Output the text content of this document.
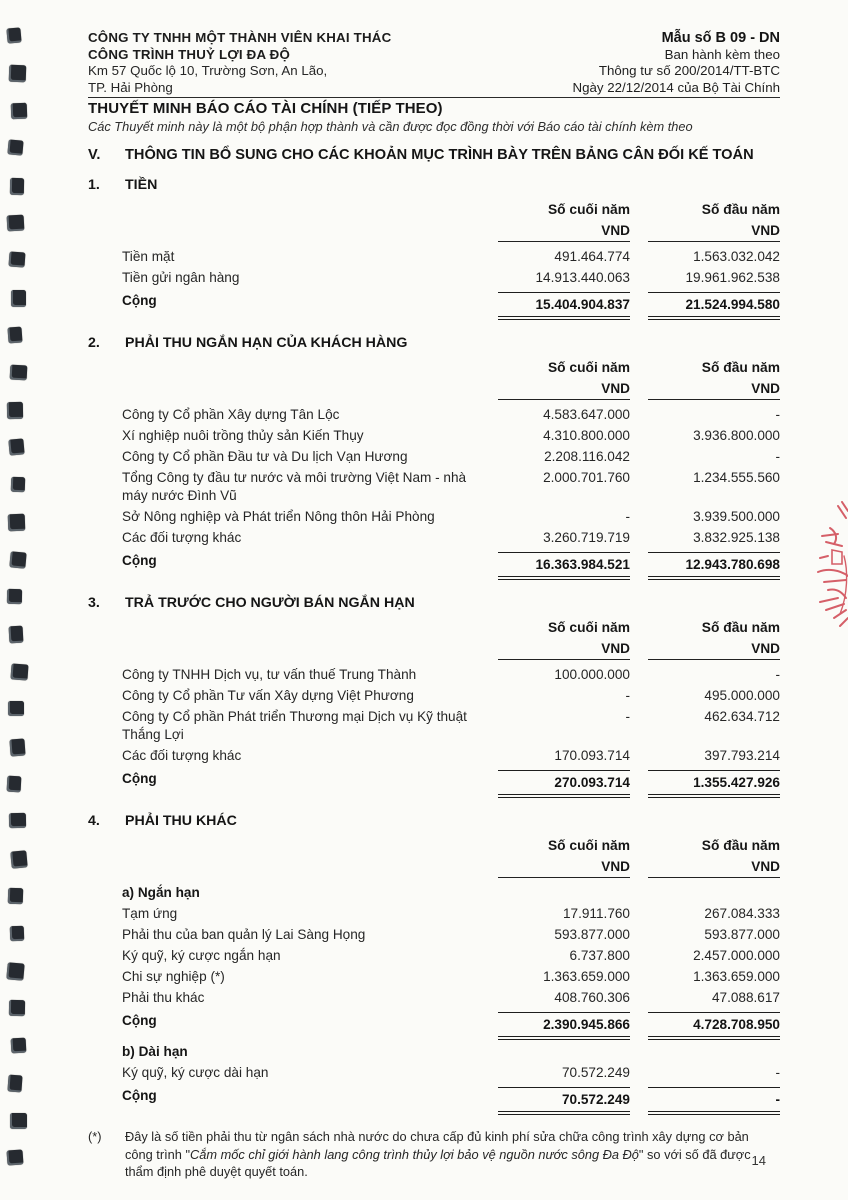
CÔNG TY TNHH MỘT THÀNH VIÊN KHAI THÁC
CÔNG TRÌNH THUỶ LỢI ĐA ĐỘ
Km 57 Quốc lộ 10, Trường Sơn, An Lão,
TP. Hải Phòng
Mẫu số B 09 - DN
Ban hành kèm theo
Thông tư số 200/2014/TT-BTC
Ngày 22/12/2014 của Bộ Tài Chính
THUYẾT MINH BÁO CÁO TÀI CHÍNH (TIẾP THEO)
Các Thuyết minh này là một bộ phận hợp thành và cần được đọc đồng thời với Báo cáo tài chính kèm theo
V.	THÔNG TIN BỔ SUNG CHO CÁC KHOẢN MỤC TRÌNH BÀY TRÊN BẢNG CÂN ĐỐI KẾ TOÁN
1.	TIỀN
Số cuối năm	Số đầu năm
VND	VND
Tiền mặt	491.464.774	1.563.032.042
Tiền gửi ngân hàng	14.913.440.063	19.961.962.538
Cộng	15.404.904.837	21.524.994.580
2.	PHẢI THU NGẮN HẠN CỦA KHÁCH HÀNG
Số cuối năm	Số đầu năm
VND	VND
Công ty Cổ phần Xây dựng Tân Lộc	4.583.647.000	-
Xí nghiệp nuôi trồng thủy sản Kiến Thụy	4.310.800.000	3.936.800.000
Công ty Cổ phần Đầu tư và Du lịch Vạn Hương	2.208.116.042	-
Tổng Công ty đầu tư nước và môi trường Việt Nam - nhà máy nước Đình Vũ
2.000.701.760	1.234.555.560
Sở Nông nghiệp và Phát triển Nông thôn Hải Phòng	-	3.939.500.000
Các đối tượng khác	3.260.719.719	3.832.925.138
Cộng	16.363.984.521	12.943.780.698
3.	TRẢ TRƯỚC CHO NGƯỜI BÁN NGẮN HẠN
Số cuối năm	Số đầu năm
VND	VND
Công ty TNHH Dịch vụ, tư vấn thuế Trung Thành	100.000.000	-
Công ty Cổ phần Tư vấn Xây dựng Việt Phương	-	495.000.000
Công ty Cổ phần Phát triển Thương mại Dịch vụ Kỹ thuật Thắng Lợi
-	462.634.712
Các đối tượng khác	170.093.714	397.793.214
Cộng	270.093.714	1.355.427.926
4.	PHẢI THU KHÁC
Số cuối năm	Số đầu năm
VND	VND
a) Ngắn hạn
Tạm ứng	17.911.760	267.084.333
Phải thu của ban quản lý Lai Sàng Họng	593.877.000	593.877.000
Ký quỹ, ký cược ngắn hạn	6.737.800	2.457.000.000
Chi sự nghiệp (*)	1.363.659.000	1.363.659.000
Phải thu khác	408.760.306	47.088.617
Cộng	2.390.945.866	4.728.708.950
b) Dài hạn
Ký quỹ, ký cược dài hạn	70.572.249	-
Cộng	70.572.249	-
(*)	Đây là số tiền phải thu từ ngân sách nhà nước do chưa cấp đủ kinh phí sửa chữa công trình xây dựng cơ bản công trình "Cắm mốc chỉ giới hành lang công trình thủy lợi bảo vệ nguồn nước sông Đa Độ" so với số đã được thẩm định phê duyệt quyết toán.
14
